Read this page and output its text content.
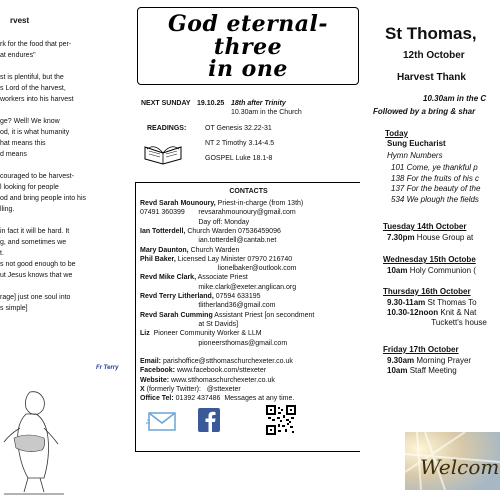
rvest
rk for the food that per-
at endures"
st is plentiful, but the
s Lord of the harvest,
workers into his harvest
ge? Well! We know
od, it is what humanity
hat means this
d means
couraged to be harvest-
l looking for people
od and bring people into his
lling.
in fact it will be hard. It
g, and sometimes we
t.
s not good enough to be
ut Jesus knows that we
rage] just one soul into
s simple]
Fr Terry
God eternal-
three
in one
NEXT SUNDAY 19.10.25 18th after Trinity
10.30am in the Church
READINGS:	OT Genesis 32.22-31
NT 2 Timothy 3.14-4.5
GOSPEL Luke 18.1-8
CONTACTS
Revd Sarah Mounoury, Priest-in-charge (from 13th)
07491 360399       revsarahmounoury@gmail.com
Day off: Monday
Ian Totterdell, Church Warden 07536459096
ian.totterdell@cantab.net
Mary Daunton, Church Warden
Phil Baker, Licensed Lay Minister 07970 216740
lionelbaker@outlook.com
Revd Mike Clark, Associate Priest
mike.clark@exeter.anglican.org
Revd Terry Litherland, 07594 633195
tlitherland36@gmail.com
Revd Sarah Cumming Assistant Priest [on secondment
at St Davids]
Liz  Pioneer Community Worker & LLM
pioneersthomas@gmail.com
Email: parishoffice@stthomaschurchexeter.co.uk
Facebook: www.facebook.com/sttexeter
Website: www.stthomaschurchexeter.co.uk
X (formerly Twitter):   @sttexeter
Office Tel: 01392 437486  Messages at any time.
St Thomas,
12th October
Harvest Thank
10.30am in the C
Followed by a bring & shar
Today
Sung Eucharist
Hymn Numbers
101 Come, ye thankful p
138 For the fruits of his c
137 For the beauty of the
534 We plough the fields
Tuesday 14th October
7.30pm House Group at
Wednesday 15th Octobe
10am Holy Communion (
Thursday 16th October
9.30-11am St Thomas To
10.30-12noon Knit & Nat
Tuckett's house
Friday 17th October
9.30am Morning Prayer
10am Staff Meeting
Welcom
